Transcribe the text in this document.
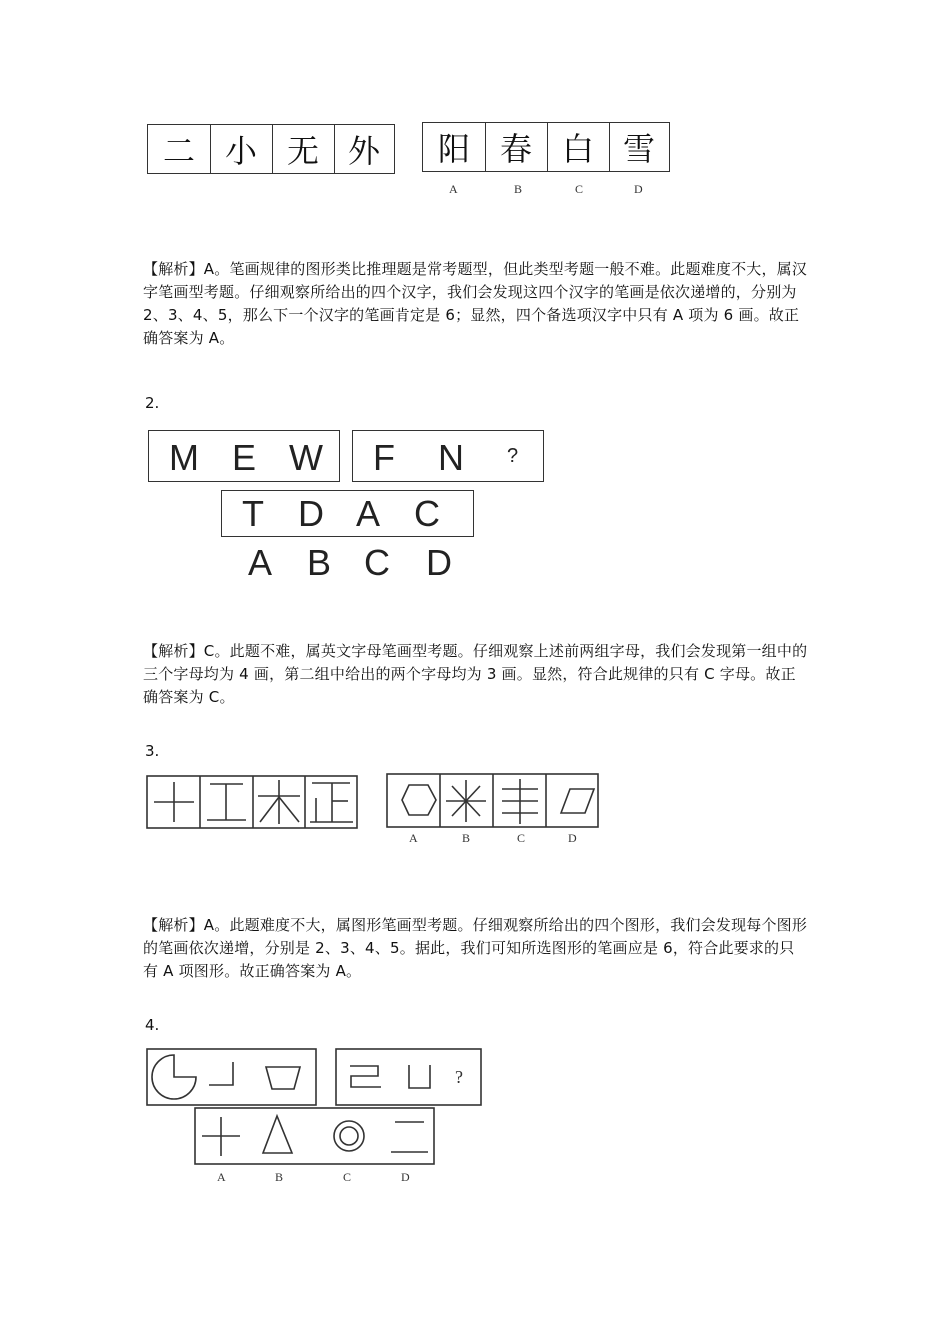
二 小 无 外	阳 春 白 雪
A	B	C	D

【解析】A。笔画规律的图形类比推理题是常考题型，但此类型考题一般不难。此题难度不大，属汉字笔画型考题。仔细观察所给出的四个汉字，我们会发现这四个汉字的笔画是依次递增的，分别为 2、3、4、5，那么下一个汉字的笔画肯定是 6；显然，四个备选项汉字中只有 A 项为 6 画。故正确答案为 A。

2.
M E W F N ?
T D A C
A B C D

【解析】C。此题不难，属英文字母笔画型考题。仔细观察上述前两组字母，我们会发现第一组中的三个字母均为 4 画，第二组中给出的两个字母均为 3 画。显然，符合此规律的只有 C 字母。故正确答案为 C。

3.
A	B	C	D

【解析】A。此题难度不大，属图形笔画型考题。仔细观察所给出的四个图形，我们会发现每个图形的笔画依次递增，分别是 2、3、4、5。据此，我们可知所选图形的笔画应是 6，符合此要求的只有 A 项图形。故正确答案为 A。

4.
?
A	B	C	D
